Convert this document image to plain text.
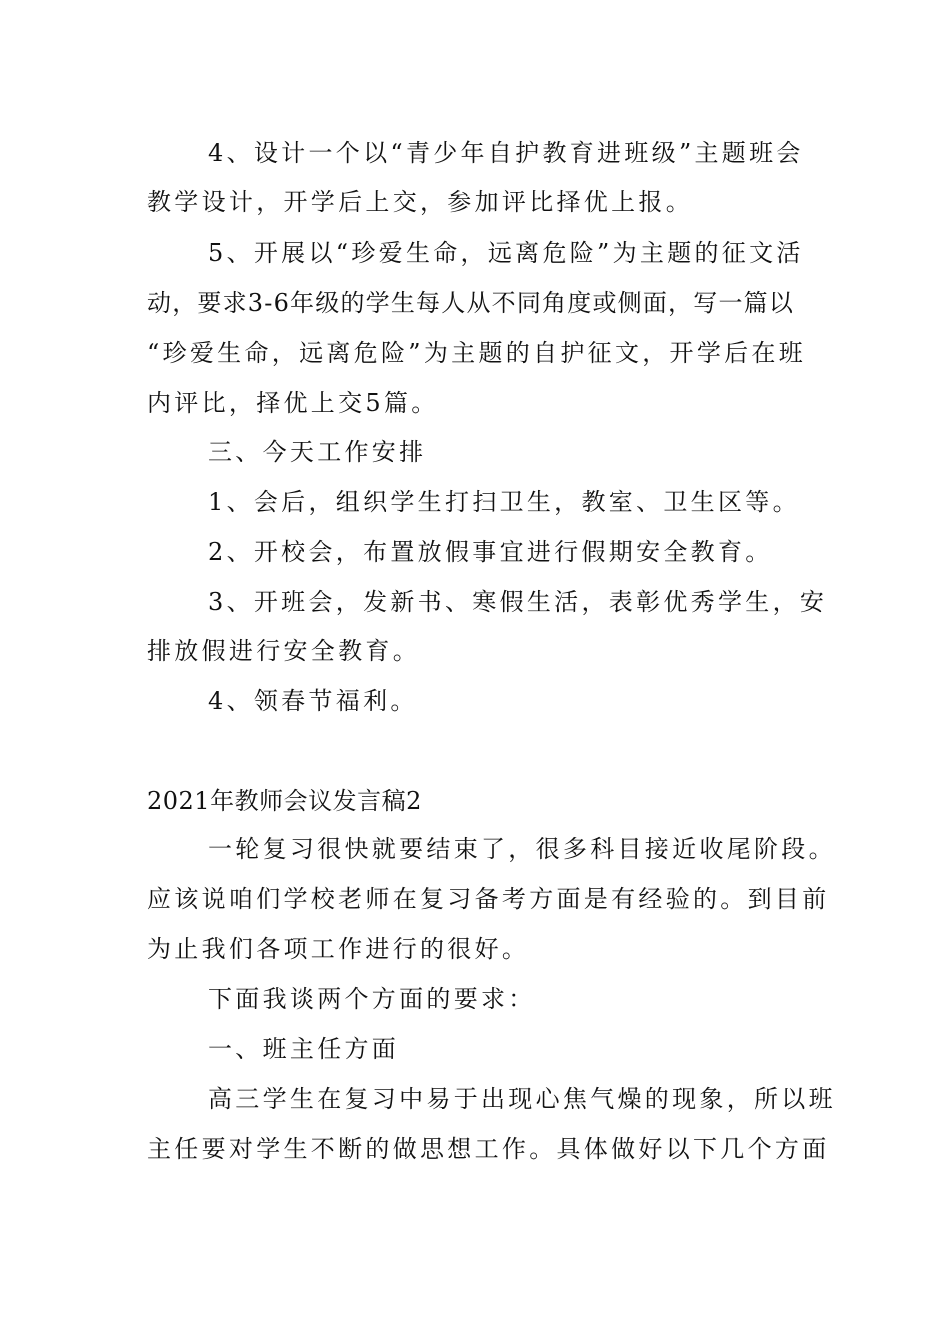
4、设计一个以“青少年自护教育进班级”主题班会
教学设计，开学后上交，参加评比择优上报。
5、开展以“珍爱生命，远离危险”为主题的征文活
动，要求3-6年级的学生每人从不同角度或侧面，写一篇以
“珍爱生命，远离危险”为主题的自护征文，开学后在班
内评比，择优上交5篇。
三、今天工作安排
1、会后，组织学生打扫卫生，教室、卫生区等。
2、开校会，布置放假事宜进行假期安全教育。
3、开班会，发新书、寒假生活，表彰优秀学生，安
排放假进行安全教育。
4、领春节福利。
2021年教师会议发言稿2
一轮复习很快就要结束了，很多科目接近收尾阶段。
应该说咱们学校老师在复习备考方面是有经验的。到目前
为止我们各项工作进行的很好。
下面我谈两个方面的要求：
一、班主任方面
高三学生在复习中易于出现心焦气燥的现象，所以班
主任要对学生不断的做思想工作。具体做好以下几个方面
